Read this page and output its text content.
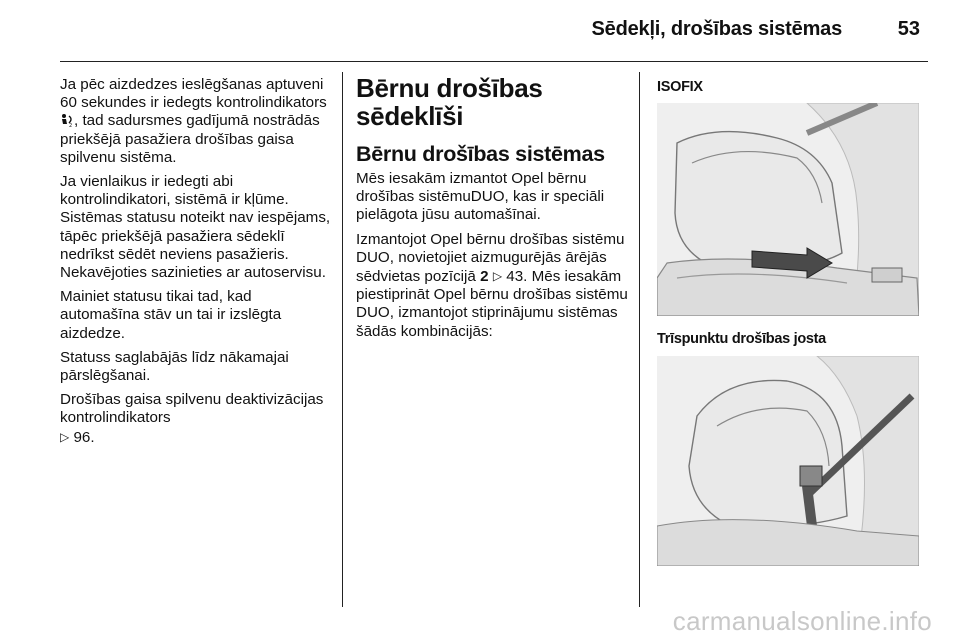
Sēdekļi, drošības sistēmas	53

Ja pēc aizdedzes ieslēgšanas aptuveni 60 sekundes ir iedegts kontrolindikators
2 , tad sadursmes gadījumā nostrādās priekšējā pasažiera drošības gaisa spilvenu sistēma.

Ja vienlaikus ir iedegti abi kontrolindikatori, sistēmā ir kļūme. Sistēmas statusu noteikt nav iespējams, tāpēc priekšējā pasažiera sēdeklī nedrīkst sēdēt neviens pasažieris. Nekavējoties sazinieties ar autoservisu.

Mainiet statusu tikai tad, kad automašīna stāv un tai ir izslēgta aizdedze.

Statuss saglabājās līdz nākamajai pārslēgšanai.

Drošības gaisa spilvenu deaktivizācijas kontrolindikators
▷ 96.

Bērnu drošības sēdeklīši
Bērnu drošības sistēmas

Mēs iesakām izmantot Opel bērnu drošības sistēmuDUO, kas ir speciāli pielāgota jūsu automašīnai.

Izmantojot Opel bērnu drošības sistēmu DUO, novietojiet aizmugurējās ārējās sēdvietas pozīcijā 2 ▷ 43. Mēs iesakām piestiprināt Opel bērnu drošības sistēmu DUO, izmantojot stiprinājumu sistēmas šādās kombinācijās:

ISOFIX
Trīspunktu drošības josta
carmanualsonline.info
